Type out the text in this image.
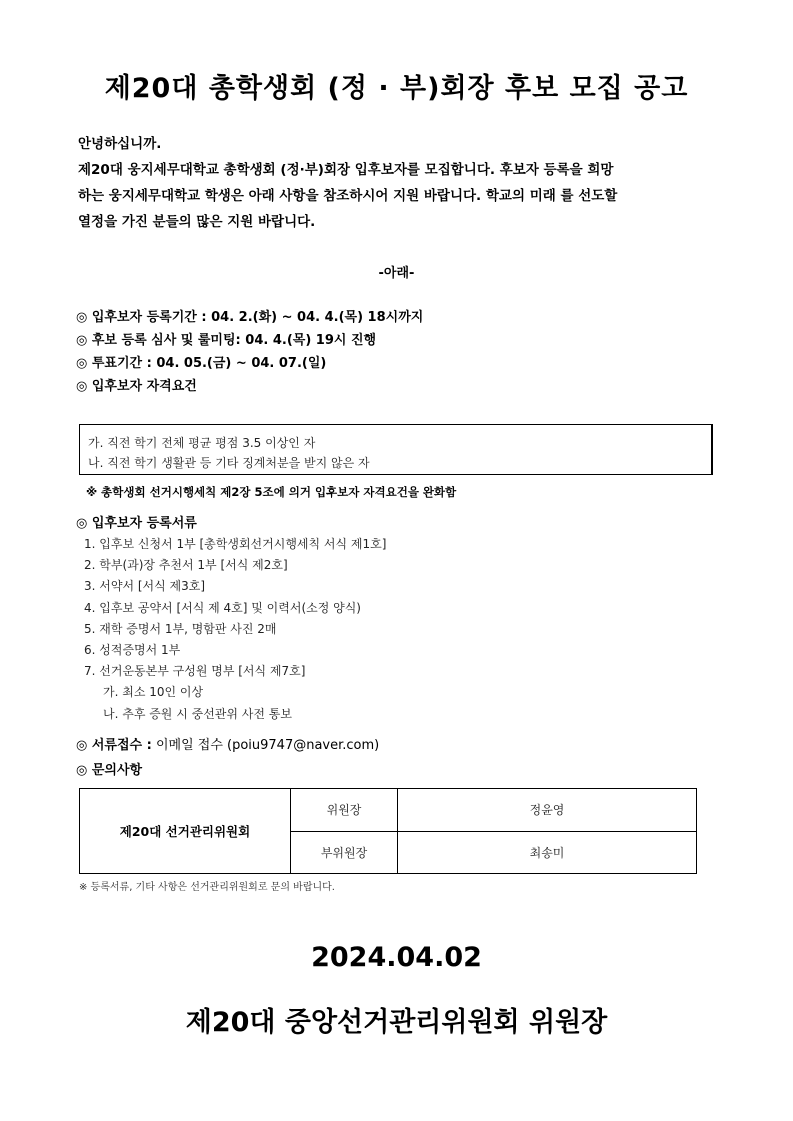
제20대 총학생회 (정 · 부)회장 후보 모집 공고

안녕하십니까.

제20대 웅지세무대학교 총학생회 (정·부)회장 입후보자를 모집합니다. 후보자 등록을 희망

하는 웅지세무대학교 학생은 아래 사항을 참조하시어 지원 바랍니다. 학교의 미래 를 선도할

열정을 가진 분들의 많은 지원 바랍니다.

-아래-
◎ 입후보자 등록기간 : 04. 2.(화) ~ 04. 4.(목) 18시까지
◎ 후보 등록 심사 및 룰미팅: 04. 4.(목) 19시 진행
◎ 투표기간 : 04. 05.(금) ~ 04. 07.(일)
◎ 입후보자 자격요건
가. 직전 학기 전체 평균 평점 3.5 이상인 자
나. 직전 학기 생활관 등 기타 징계처분을 받지 않은 자
※ 총학생회 선거시행세칙 제2장 5조에 의거 입후보자 자격요건을 완화함
◎ 입후보자 등록서류
1. 입후보 신청서 1부 [총학생회선거시행세칙 서식 제1호]
2. 학부(과)장 추천서 1부 [서식 제2호]
3. 서약서 [서식 제3호]
4. 입후보 공약서 [서식 제 4호] 및 이력서(소정 양식)
5. 재학 증명서 1부, 명함판 사진 2매
6. 성적증명서 1부
7. 선거운동본부 구성원 명부 [서식 제7호]
가. 최소 10인 이상
나. 추후 증원 시 중선관위 사전 통보
◎ 서류접수 : 이메일 접수 (poiu9747@naver.com)
◎ 문의사항
제20대 선거관리위원회	위원장	정윤영
	부위원장	최송미
※ 등록서류, 기타 사항은 선거관리위원회로 문의 바랍니다.
2024.04.02
제20대 중앙선거관리위원회 위원장
